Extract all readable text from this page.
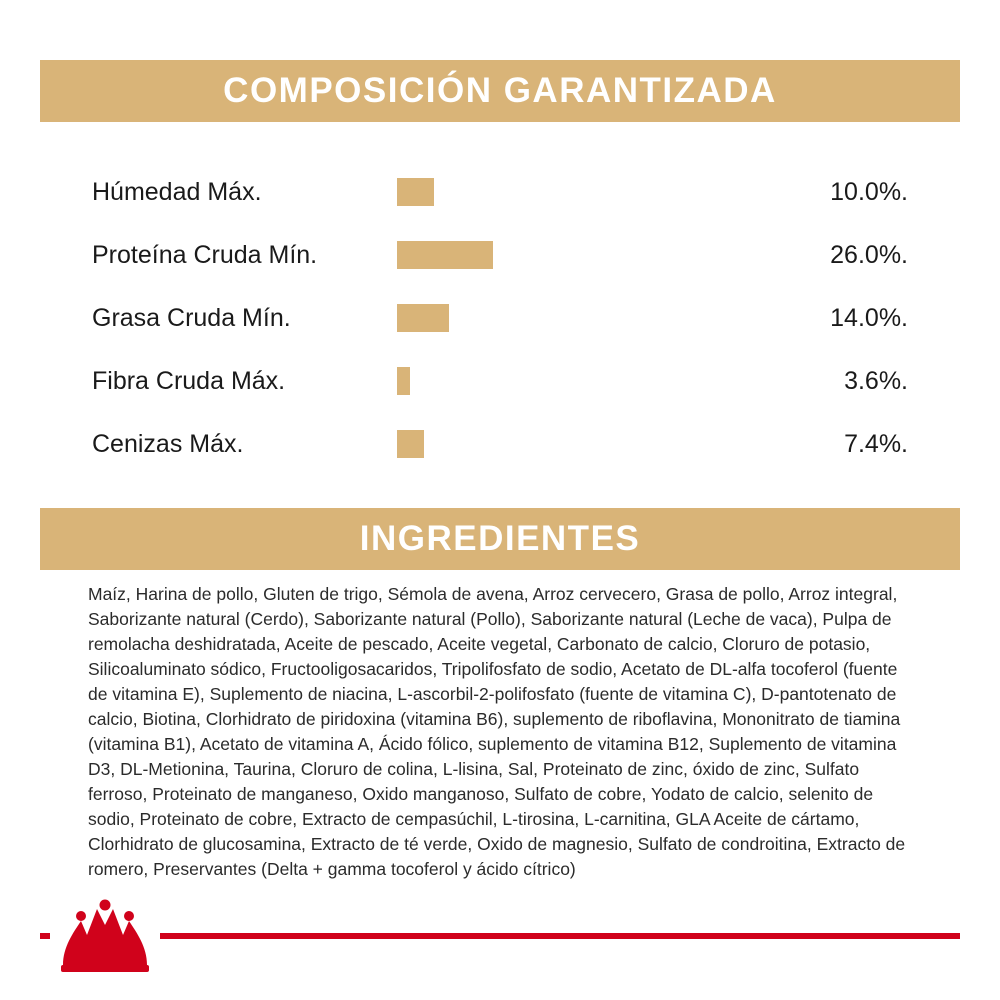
COMPOSICIÓN GARANTIZADA
Húmedad Máx.	10.0%.
Proteína Cruda Mín.	26.0%.
Grasa Cruda Mín.	14.0%.
Fibra Cruda Máx.	3.6%.
Cenizas Máx.	7.4%.
INGREDIENTES
Maíz, Harina de pollo, Gluten de trigo, Sémola de avena, Arroz cervecero, Grasa de pollo, Arroz integral, Saborizante natural (Cerdo), Saborizante natural (Pollo), Saborizante natural (Leche de vaca), Pulpa de remolacha deshidratada, Aceite de pescado, Aceite vegetal, Carbonato de calcio, Cloruro de potasio, Silicoaluminato sódico, Fructooligosacaridos, Tripolifosfato de sodio, Acetato de DL-alfa tocoferol (fuente de vitamina E), Suplemento de niacina, L-ascorbil-2-polifosfato (fuente de vitamina C), D-pantotenato de calcio, Biotina, Clorhidrato de piridoxina (vitamina B6), suplemento de riboflavina, Mononitrato de tiamina (vitamina B1), Acetato de vitamina A, Ácido fólico, suplemento de vitamina B12, Suplemento de vitamina D3, DL-Metionina, Taurina, Cloruro de colina, L-lisina, Sal, Proteinato de zinc, óxido de zinc, Sulfato ferroso, Proteinato de manganeso, Oxido manganoso, Sulfato de cobre, Yodato de calcio, selenito de sodio, Proteinato de cobre, Extracto de cempasúchil, L-tirosina, L-carnitina, GLA Aceite de cártamo, Clorhidrato de glucosamina, Extracto de té verde, Oxido de magnesio, Sulfato de condroitina, Extracto de romero, Preservantes (Delta + gamma tocoferol y ácido cítrico)
